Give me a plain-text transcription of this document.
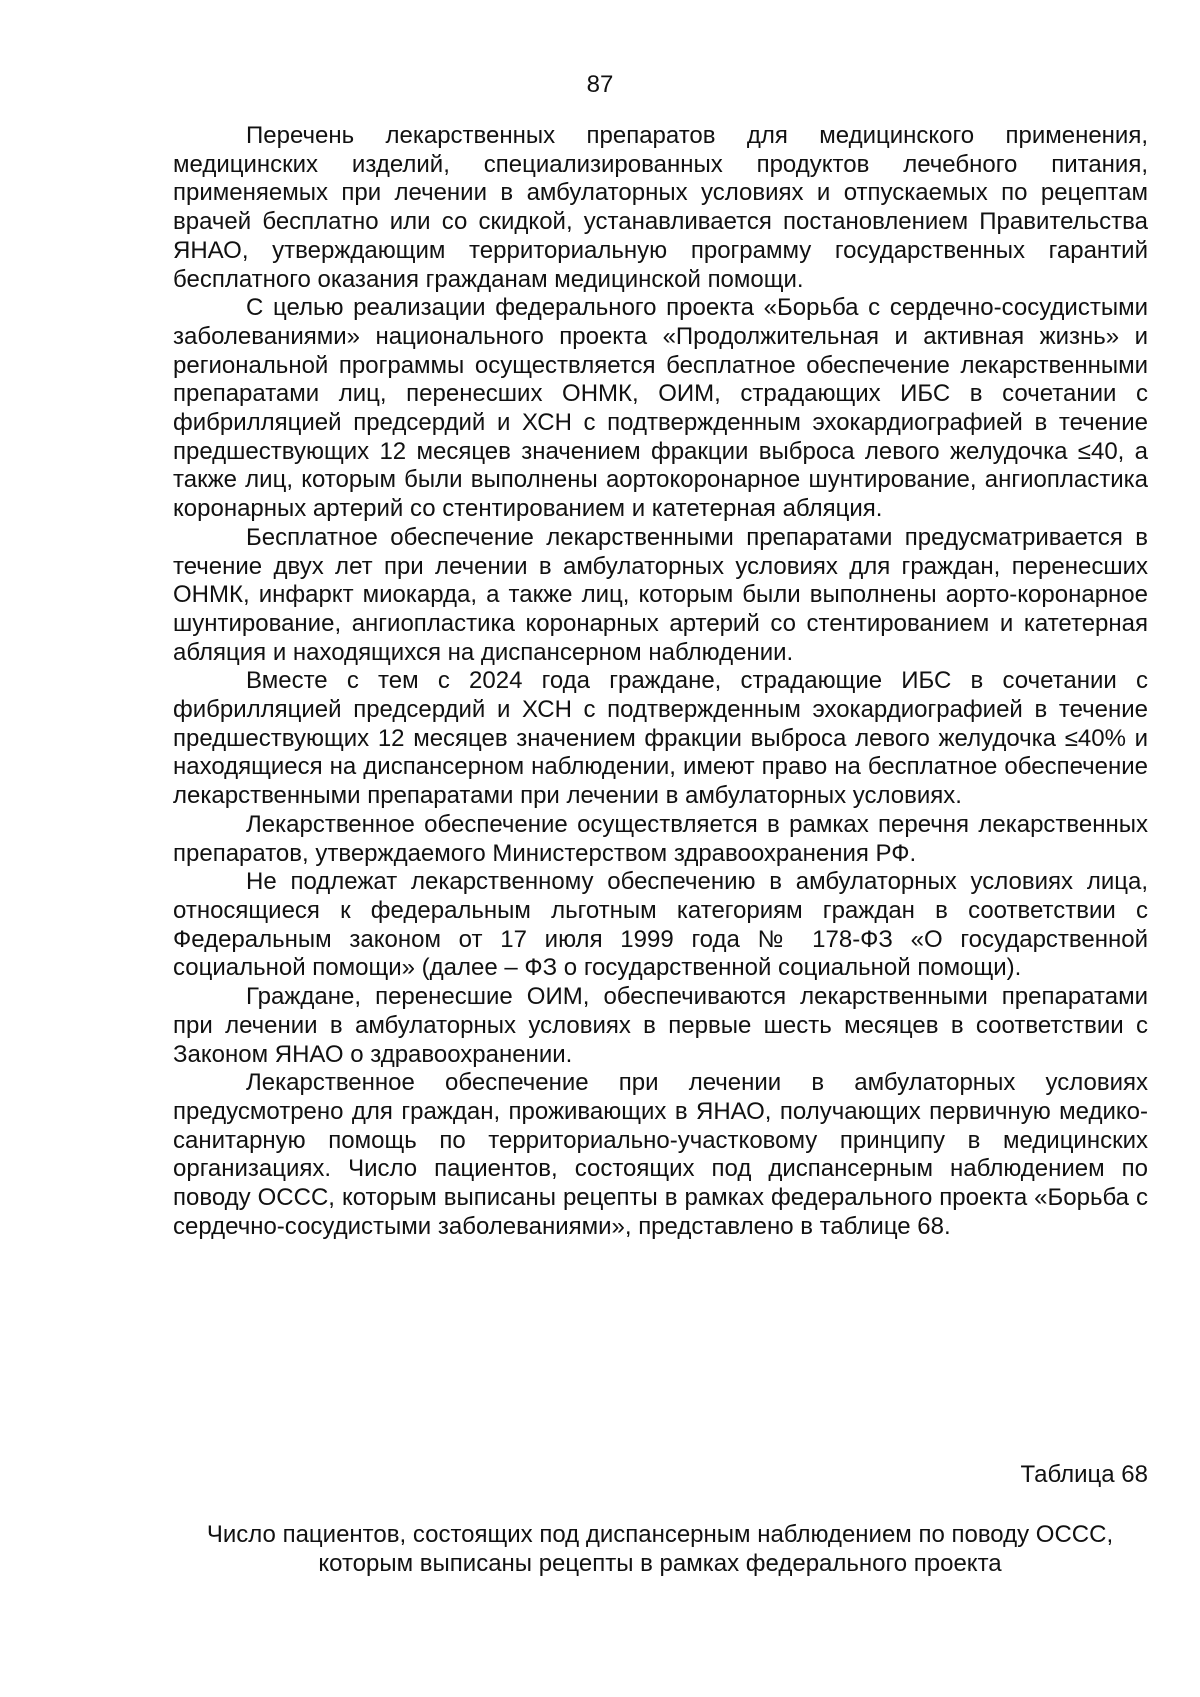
87

Перечень лекарственных препаратов для медицинского применения, медицинских изделий, специализированных продуктов лечебного питания, применяемых при лечении в амбулаторных условиях и отпускаемых по рецептам врачей бесплатно или со скидкой, устанавливается постановлением Правительства ЯНАО, утверждающим территориальную программу государственных гарантий бесплатного оказания гражданам медицинской помощи.

С целью реализации федерального проекта «Борьба с сердечно-сосудистыми заболеваниями» национального проекта «Продолжительная и активная жизнь» и региональной программы осуществляется бесплатное обеспечение лекарственными препаратами лиц, перенесших ОНМК, ОИМ, страдающих ИБС в сочетании с фибрилляцией предсердий и ХСН с подтвержденным эхокардиографией в течение предшествующих 12 месяцев значением фракции выброса левого желудочка ≤40, а также лиц, которым были выполнены аортокоронарное шунтирование, ангиопластика коронарных артерий со стентированием и катетерная абляция.

Бесплатное обеспечение лекарственными препаратами предусматривается в течение двух лет при лечении в амбулаторных условиях для граждан, перенесших ОНМК, инфаркт миокарда, а также лиц, которым были выполнены аорто-коронарное шунтирование, ангиопластика коронарных артерий со стентированием и катетерная абляция и находящихся на диспансерном наблюдении.

Вместе с тем с 2024 года граждане, страдающие ИБС в сочетании с фибрилляцией предсердий и ХСН с подтвержденным эхокардиографией в течение предшествующих 12 месяцев значением фракции выброса левого желудочка ≤40% и находящиеся на диспансерном наблюдении, имеют право на бесплатное обеспечение лекарственными препаратами при лечении в амбулаторных условиях.

Лекарственное обеспечение осуществляется в рамках перечня лекарственных препаратов, утверждаемого Министерством здравоохранения РФ.

Не подлежат лекарственному обеспечению в амбулаторных условиях лица, относящиеся к федеральным льготным категориям граждан в соответствии с Федеральным законом от 17 июля 1999 года № 178-ФЗ «О государственной социальной помощи» (далее – ФЗ о государственной социальной помощи).

Граждане, перенесшие ОИМ, обеспечиваются лекарственными препаратами при лечении в амбулаторных условиях в первые шесть месяцев в соответствии с Законом ЯНАО о здравоохранении.

Лекарственное обеспечение при лечении в амбулаторных условиях предусмотрено для граждан, проживающих в ЯНАО, получающих первичную медико-санитарную помощь по территориально-участковому принципу в медицинских организациях. Число пациентов, состоящих под диспансерным наблюдением по поводу ОССС, которым выписаны рецепты в рамках федерального проекта «Борьба с сердечно-сосудистыми заболеваниями», представлено в таблице 68.

Таблица 68
Число пациентов, состоящих под диспансерным наблюдением по поводу ОССС, которым выписаны рецепты в рамках федерального проекта
